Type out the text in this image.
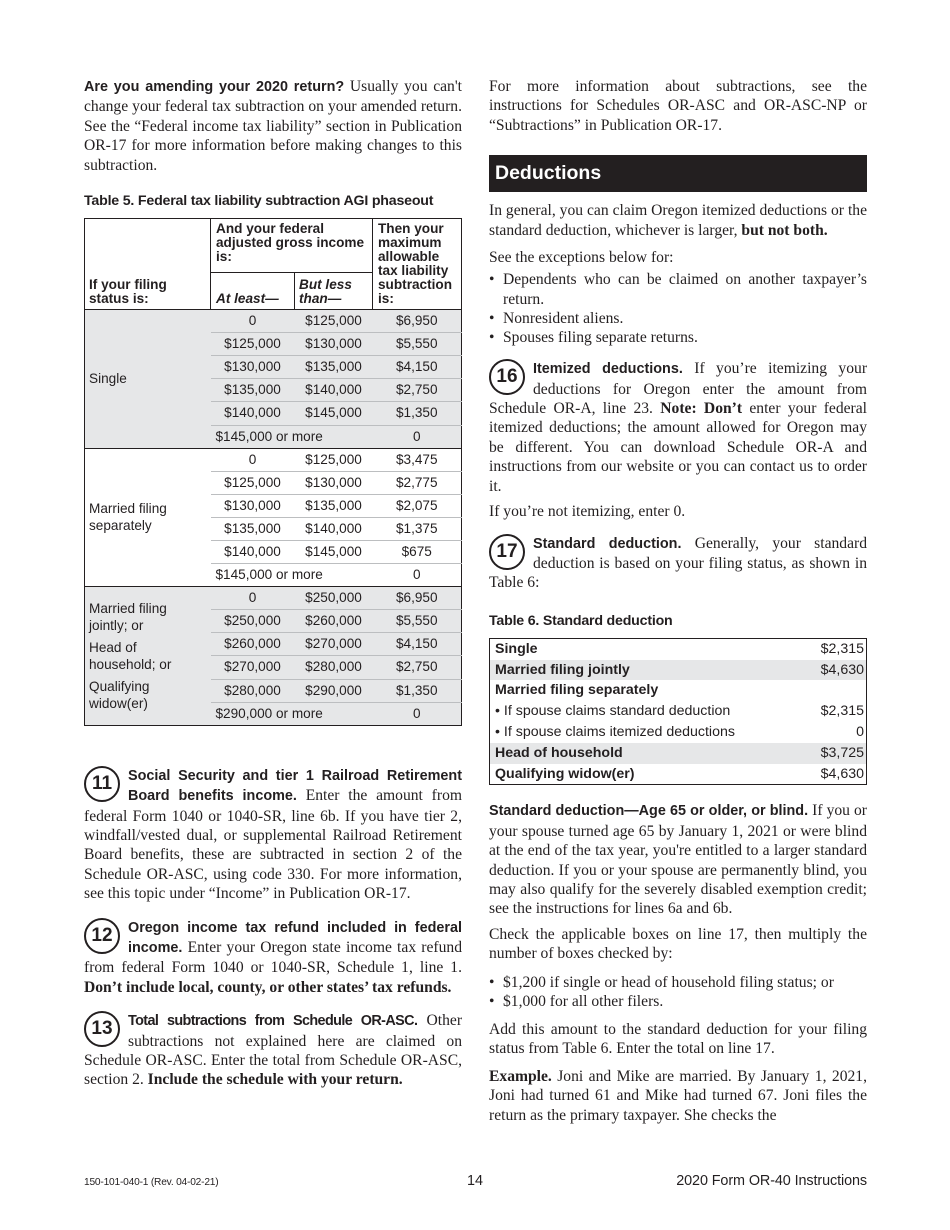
Are you amending your 2020 return? Usually you can't change your federal tax subtraction on your amended return. See the “Federal income tax liability” section in Publication OR-17 for more information before making changes to this subtraction.

Table 5. Federal tax liability subtraction AGI phaseout
If your filing status is:	And your federal adjusted gross income is:		Then your maximum allowable tax liability subtraction is:
	At least—	But less than—	

Single	0	$125,000	$6,950
	$125,000	$130,000	$5,550
	$130,000	$135,000	$4,150
	$135,000	$140,000	$2,750
	$140,000	$145,000	$1,350
	$145,000 or more		0

Married filing separately	0	$125,000	$3,475
	$125,000	$130,000	$2,775
	$130,000	$135,000	$2,075
	$135,000	$140,000	$1,375
	$140,000	$145,000	$675
	$145,000 or more		0

Married filing jointly; or
Head of household; or
Qualifying widow(er)	0	$250,000	$6,950
	$250,000	$260,000	$5,550
	$260,000	$270,000	$4,150
	$270,000	$280,000	$2,750
	$280,000	$290,000	$1,350
	$290,000 or more		0
11	Social Security and tier 1 Railroad Retirement Board benefits income. Enter the amount from federal Form 1040 or 1040-SR, line 6b. If you have tier 2, windfall/vested dual, or supplemental Railroad Retirement Board benefits, these are subtracted in section 2 of the Schedule OR-ASC, using code 330. For more information, see this topic under “Income” in Publication OR-17.

12	Oregon income tax refund included in federal income. Enter your Oregon state income tax refund from federal Form 1040 or 1040-SR, Schedule 1, line 1. Don’t include local, county, or other states’ tax refunds.

13	Total subtractions from Schedule OR-ASC. Other subtractions not explained here are claimed on Schedule OR-ASC. Enter the total from Schedule OR-ASC, section 2. Include the schedule with your return.

For more information about subtractions, see the instructions for Schedules OR-ASC and OR-ASC-NP or “Subtractions” in Publication OR-17.

Deductions

In general, you can claim Oregon itemized deductions or the standard deduction, whichever is larger, but not both.

See the exceptions below for:

• Dependents who can be claimed on another taxpayer’s return.
• Nonresident aliens.
• Spouses filing separate returns.
16	Itemized deductions. If you’re itemizing your deductions for Oregon enter the amount from Schedule OR-A, line 23. Note: Don’t enter your federal itemized deductions; the amount allowed for Oregon may be different. You can download Schedule OR-A and instructions from our website or you can contact us to order it.

If you’re not itemizing, enter 0.

17	Standard deduction. Generally, your standard deduction is based on your filing status, as shown in Table 6:

Table 6. Standard deduction
Single	$2,315
Married filing jointly	$4,630
Married filing separately	
• If spouse claims standard deduction	$2,315
• If spouse claims itemized deductions	0
Head of household	$3,725
Qualifying widow(er)	$4,630

Standard deduction—Age 65 or older, or blind. If you or your spouse turned age 65 by January 1, 2021 or were blind at the end of the tax year, you're entitled to a larger standard deduction. If you or your spouse are permanently blind, you may also qualify for the severely disabled exemption credit; see the instructions for lines 6a and 6b.

Check the applicable boxes on line 17, then multiply the number of boxes checked by:

• $1,200 if single or head of household filing status; or
• $1,000 for all other filers.

Add this amount to the standard deduction for your filing status from Table 6. Enter the total on line 17.

Example. Joni and Mike are married. By January 1, 2021, Joni had turned 61 and Mike had turned 67. Joni files the return as the primary taxpayer. She checks the

150-101-040-1 (Rev. 04-02-21)	14	2020 Form OR-40 Instructions
